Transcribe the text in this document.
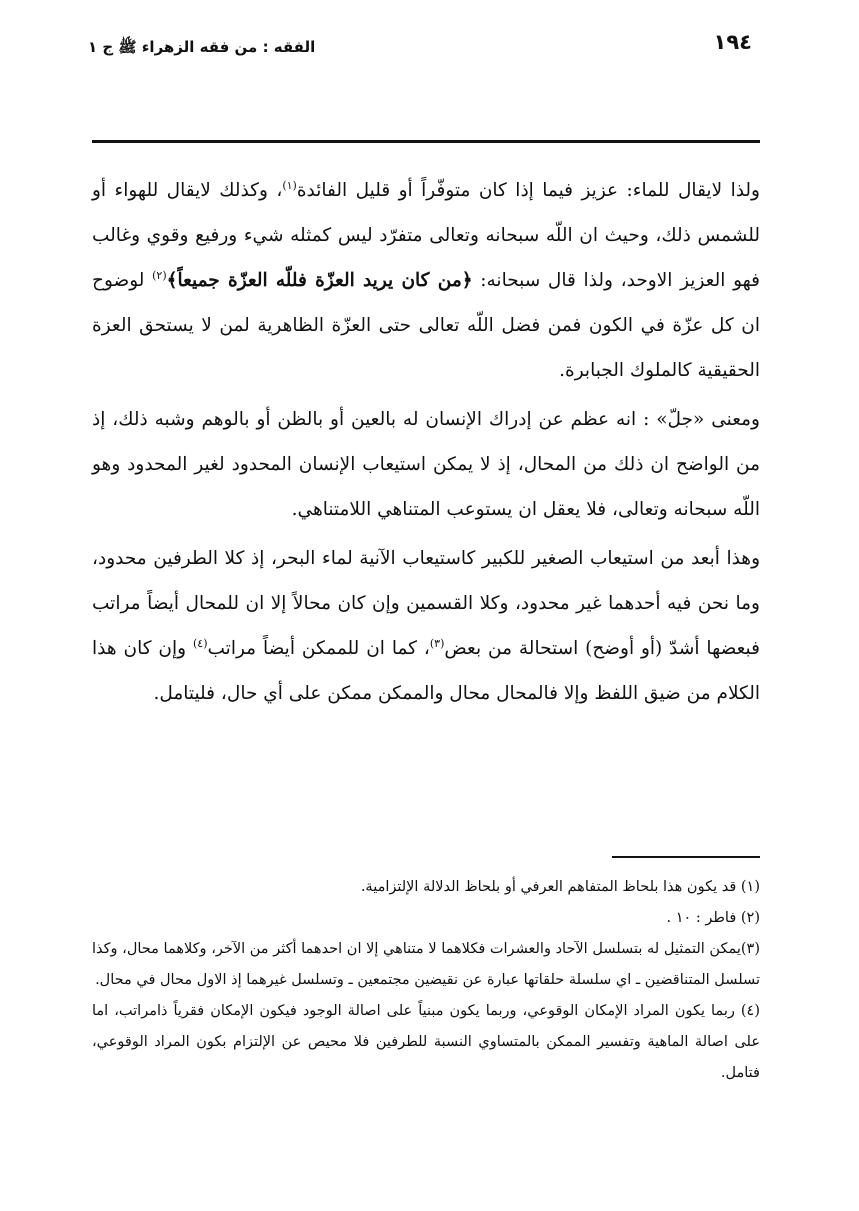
١٩٤
الفقه : من فقه الزهراء ﷺ ج ١

ولذا لايقال للماء: عزيز فيما إذا كان متوفّراً أو قليل الفائدة$^{(١)}$، وكذلك لايقال للهواء أو للشمس ذلك، وحيث ان اللّه سبحانه وتعالى متفرّد ليس كمثله شيء ورفيع وقوي وغالب فهو العزيز الاوحد، ولذا قال سبحانه: ﴿من كان يريد العزّة فللّه العزّة جميعاً﴾$^{(٢)}$ لوضوح ان كل عزّة في الكون فمن فضل اللّه تعالى حتى العزّة الظاهرية لمن لا يستحق العزة الحقيقية كالملوك الجبابرة.

ومعنى «جلّ» : انه عظم عن إدراك الإنسان له بالعين أو بالظن أو بالوهم وشبه ذلك، إذ من الواضح ان ذلك من المحال، إذ لا يمكن استيعاب الإنسان المحدود لغير المحدود وهو اللّه سبحانه وتعالى، فلا يعقل ان يستوعب المتناهي اللامتناهي.

وهذا أبعد من استيعاب الصغير للكبير كاستيعاب الآنية لماء البحر، إذ كلا الطرفين محدود، وما نحن فيه أحدهما غير محدود، وكلا القسمين وإن كان محالاً إلا ان للمحال أيضاً مراتب فبعضها أشدّ (أو أوضح) استحالة من بعض$^{(٣)}$، كما ان للممكن أيضاً مراتب$^{(٤)}$ وإن كان هذا الكلام من ضيق اللفظ وإلا فالمحال محال والممكن ممكن على أي حال، فليتامل.

(١) قد يكون هذا بلحاظ المتفاهم العرفي أو بلحاظ الدلالة الإلتزامية.

(٢) فاطر : ١٠ .

(٣)يمكن التمثيل له بتسلسل الآحاد والعشرات فكلاهما لا متناهي إلا ان احدهما أكثر من الآخر، وكلاهما محال، وكذا تسلسل المتناقضين ـ اي سلسلة حلقاتها عبارة عن نقيضين مجتمعين ـ وتسلسل غيرهما إذ الاول محال في محال.

(٤) ربما يكون المراد الإمكان الوقوعي، وربما يكون مبنياً على اصالة الوجود فيكون الإمكان فقرياً ذامراتب، اما على اصالة الماهية وتفسير الممكن بالمتساوي النسبة للطرفين فلا محيص عن الإلتزام بكون المراد الوقوعي، فتامل.
